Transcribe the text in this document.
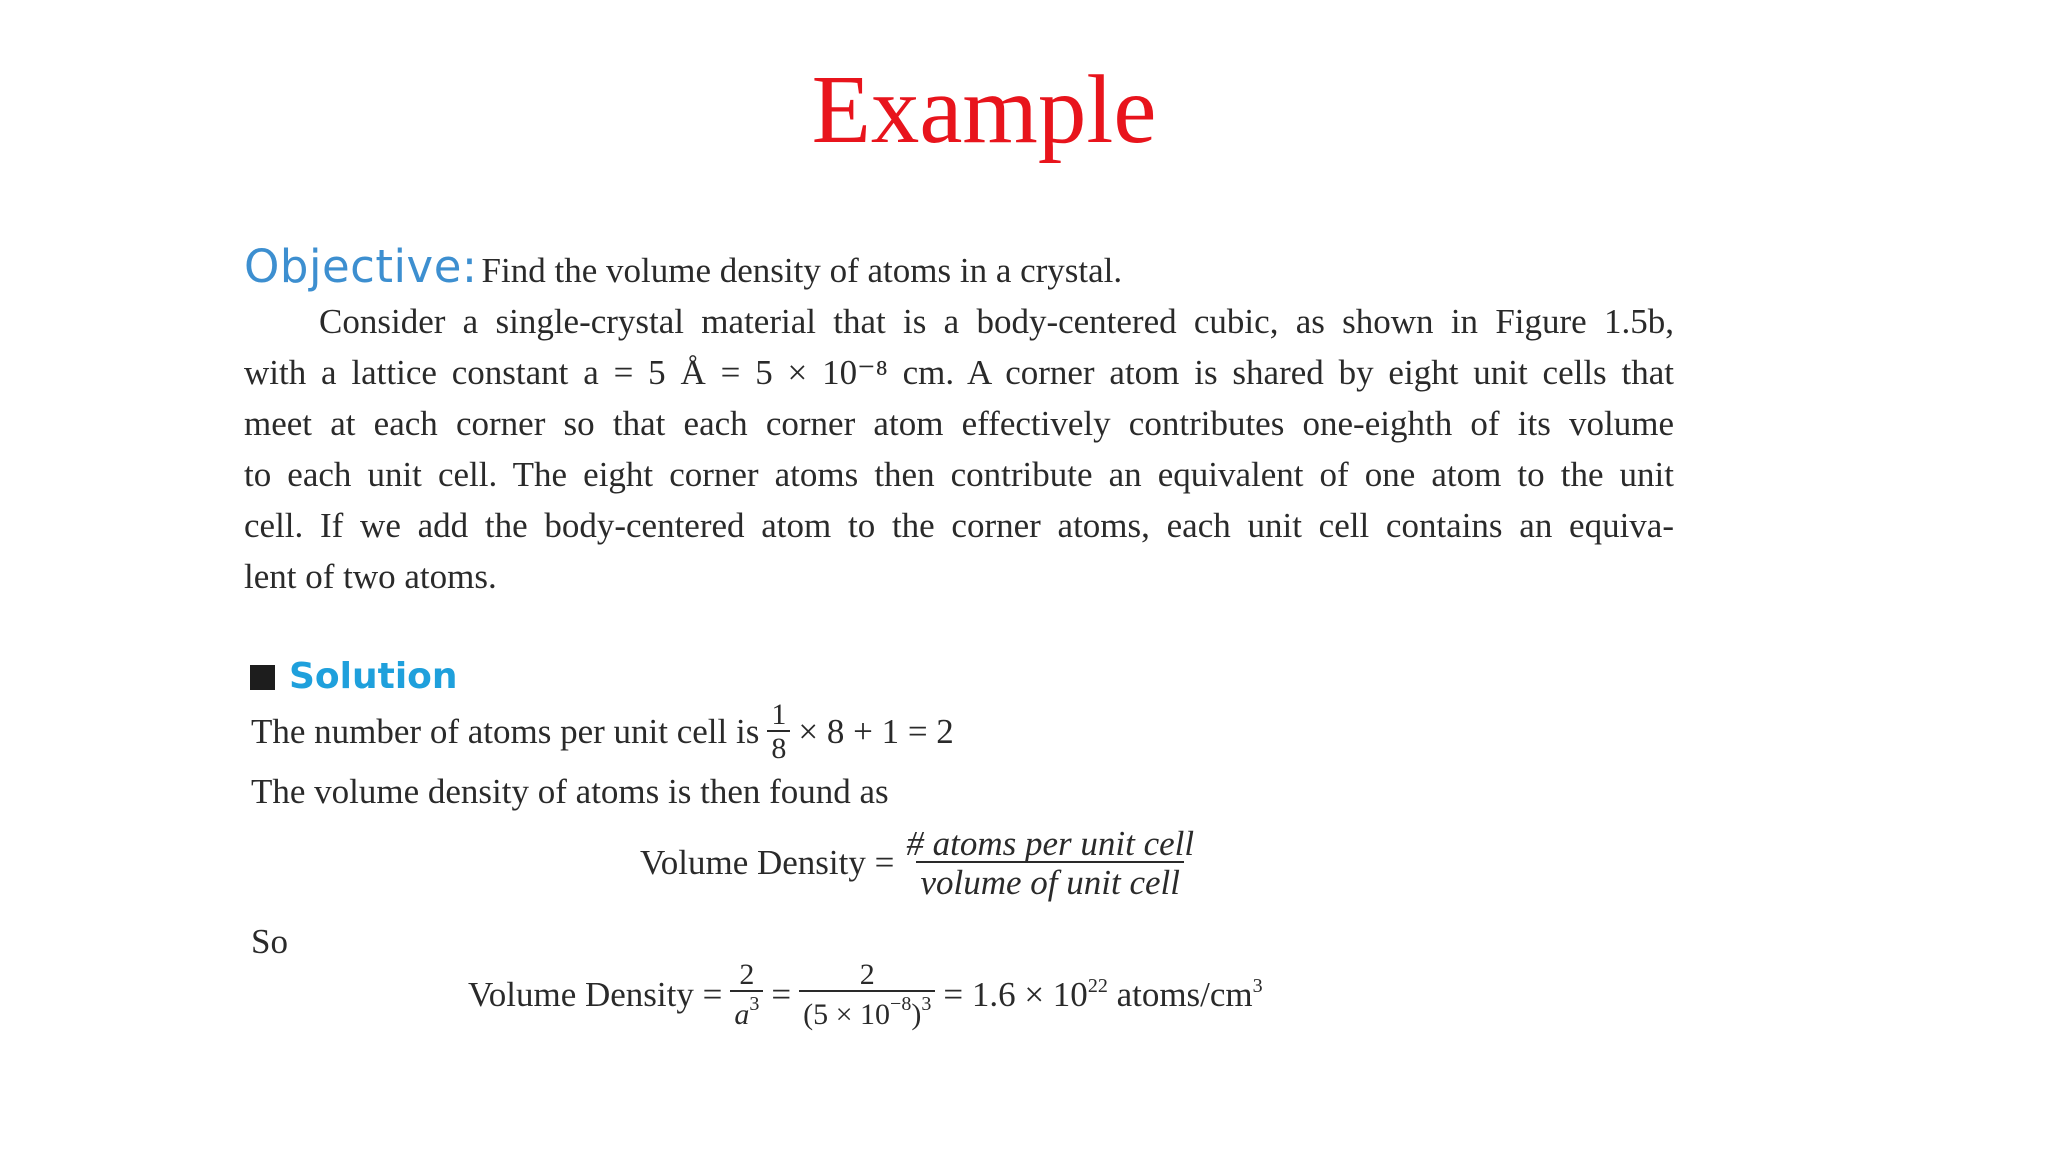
Example
Objective: Find the volume density of atoms in a crystal.
Consider a single-crystal material that is a body-centered cubic, as shown in Figure 1.5b,
with a lattice constant a = 5 Å = 5 × 10⁻⁸ cm. A corner atom is shared by eight unit cells that
meet at each corner so that each corner atom effectively contributes one-eighth of its volume
to each unit cell. The eight corner atoms then contribute an equivalent of one atom to the unit
cell. If we add the body-centered atom to the corner atoms, each unit cell contains an equiva-
lent of two atoms.
Solution
The number of atoms per unit cell is $\frac{1}{8} \times 8 + 1 = 2$
The volume density of atoms is then found as
Volume Density = $\frac{\text{\# atoms per unit cell}}{\text{volume of unit cell}}$
So
Volume Density = $\frac{2}{a^3} = \frac{2}{(5 \times 10^{-8})^3} = 1.6 \times 10^{22}$ atoms/$cm^3$
